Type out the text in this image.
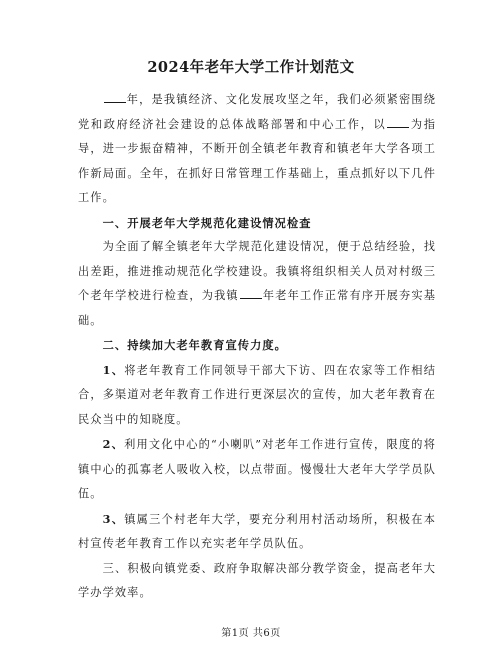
2024年老年大学工作计划范文

年，是我镇经济、文化发展攻坚之年，我们必须紧密围绕党和政府经济社会建设的总体战略部署和中心工作，以 为指导，进一步振奋精神，不断开创全镇老年教育和镇老年大学各项工作新局面。全年，在抓好日常管理工作基础上，重点抓好以下几件工作。

一、开展老年大学规范化建设情况检查

为全面了解全镇老年大学规范化建设情况，便于总结经验，找出差距，推进推动规范化学校建设。我镇将组织相关人员对村级三个老年学校进行检查，为我镇 年老年工作正常有序开展夯实基础。

二、持续加大老年教育宣传力度。

1、将老年教育工作同领导干部大下访、四在农家等工作相结合，多渠道对老年教育工作进行更深层次的宣传，加大老年教育在民众当中的知晓度。

2、利用文化中心的“小喇叭”对老年工作进行宣传，限度的将镇中心的孤寡老人吸收入校，以点带面。慢慢壮大老年大学学员队伍。

3、镇属三个村老年大学，要充分利用村活动场所，积极在本村宣传老年教育工作以充实老年学员队伍。

三、积极向镇党委、政府争取解决部分教学资金，提高老年大学办学效率。

第1页 共6页
